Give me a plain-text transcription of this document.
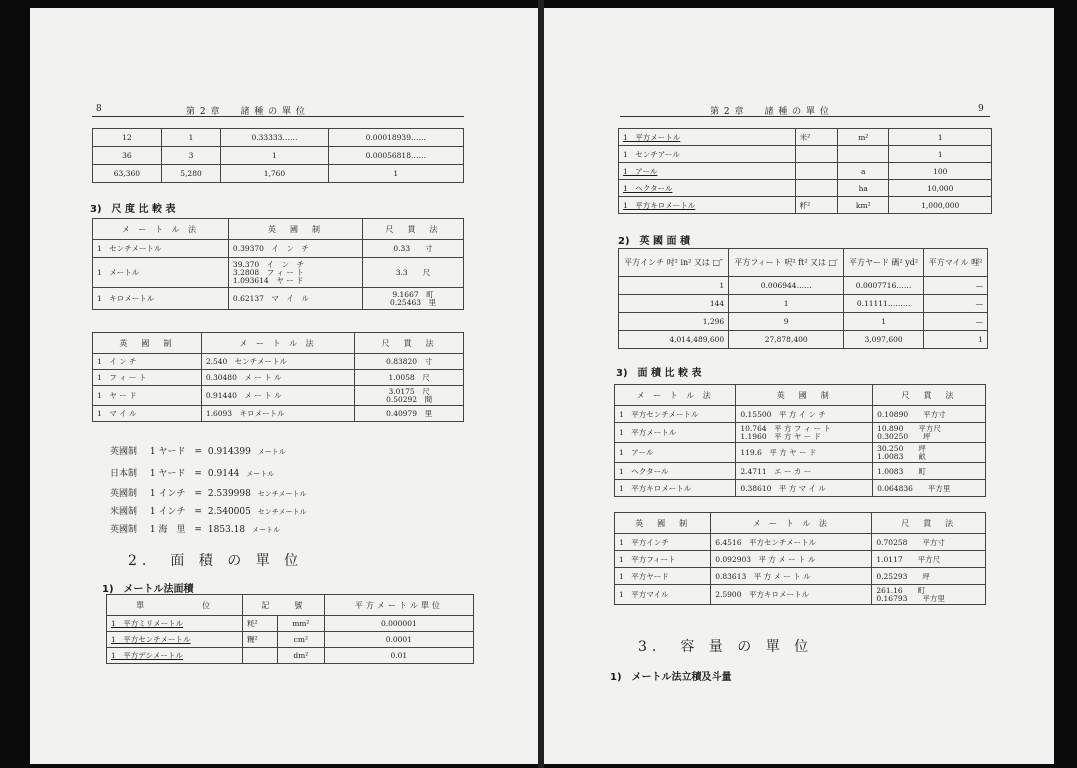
8	第 2 章　　諸 種 の 單 位
12	1	0.33333……	0.00018939……
36	3	1	0.00056818……
63,360	5,280	1,760	1
3)　尺 度 比 較 表
メ ー ト ル 法	英　國　制	尺　貫　法
1　センチメートル	0.39370　イ　ン　チ	0.33　　寸
1　メートル	39.370　イ　ン　チ
3.2808　フ ィ ー ト
1.093614　ヤ ー ド	3.3　　尺
1　キロメートル	0.62137　マ　イ　ル	9.1667　町
0.25463　里
英　國　制	メ ー ト ル 法	尺　貫　法
1　イ ン チ	2.540　センチメートル	0.83820　寸
1　フ ィ ー ト	0.30480　メ ー ト ル	1.0058　尺
1　ヤ ー ド	0.91440　メ ー ト ル	3.0175　尺
0.50292　間

1　マ イ ル	1.6093　キロメートル	0.40979　里
英國制 1 ヤード = 0.914399 メートル
日本制 1 ヤード = 0.9144 メートル
英國制 1 インチ = 2.539998 センチメートル
米國制 1 インチ = 2.540005 センチメートル
英國制 1 海　里 = 1853.18 メートル
2.　面 積 の 單 位
1)　メートル法面積
單　　　　　位	記　　號		平方メートル單位
1　平方ミリメートル	粍²	mm²	0.000001
1　平方センチメートル	糎²	cm²	0.0001
1　平方デシメートル		dm²	0.01
第 2 章　　諸 種 の 單 位	9
1　平方メートル	米²	m²	1
1　センチアール			1
1　アール		a	100
1　ヘクタール		ha	10,000
1　平方キロメートル	粁²	km²	1,000,000
2)　英 國 面 積
平方インチ 吋² in² 又は □″	平方フィート 呎² ft² 又は □′	平方ヤード 碼² yd²	平方マイル 哩²
1	0.006944……	0.0007716……	—
144	1	0.11111………	—
1,296	9	1	—
4,014,489,600	27,878,400	3,097,600	1
3)　面 積 比 較 表
メ ー ト ル 法	英　國　制	尺　貫　法
1　平方センチメートル	0.15500　平 方 イ ン チ	0.10890　　平方寸
1　平方メートル	10.764　平 方 フ ィ ー ト
1.1960　平 方 ヤ ー ド	10.890　　平方尺
0.30250　　坪

1　アール	119.6　平 方 ヤ ー ド	30.250　　坪
1.0083　　畝

1　ヘクタール	2.4711　エ ー カ ー	1.0083　　町
1　平方キロメートル	0.38610　平 方 マ イ ル	0.064836　　平方里
英　國　制	メ ー ト ル 法	尺　貫　法
1　平方インチ	6.4516　平方センチメートル	0.70258　　平方寸
1　平方フィート	0.092903　平 方 メ ー ト ル	1.0117　　平方尺
1　平方ヤード	0.83613　平 方 メ ー ト ル	0.25293　　坪
1　平方マイル	2.5900　平方キロメートル	261.16　　町
0.16793　　平方里
3.　容 量 の 單 位
1)　メートル法立積及斗量
